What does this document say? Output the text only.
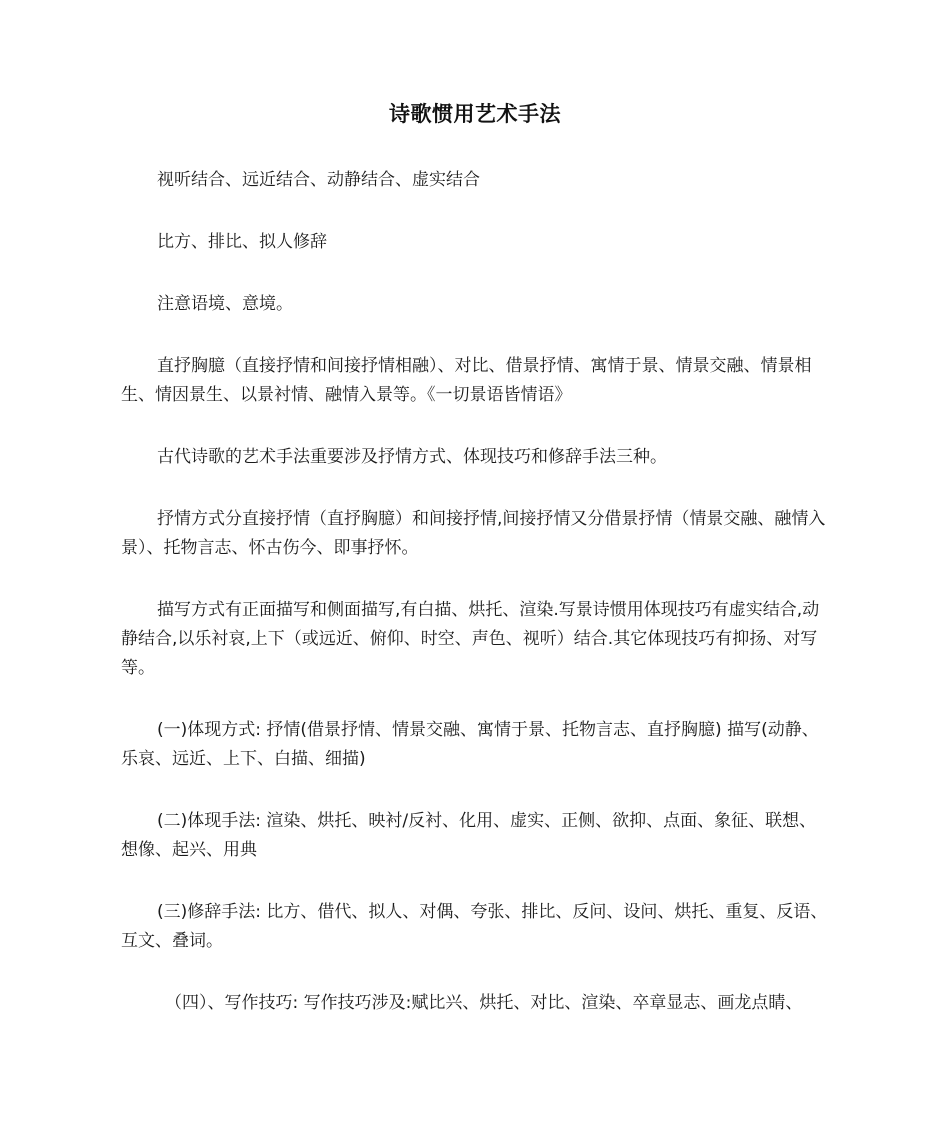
诗歌惯用艺术手法

视听结合、远近结合、动静结合、虚实结合

比方、排比、拟人修辞

注意语境、意境。

直抒胸臆（直接抒情和间接抒情相融）、对比、借景抒情、寓情于景、情景交融、情景相生、情因景生、以景衬情、融情入景等。《一切景语皆情语》

古代诗歌的艺术手法重要涉及抒情方式、体现技巧和修辞手法三种。

抒情方式分直接抒情（直抒胸臆）和间接抒情,间接抒情又分借景抒情（情景交融、融情入景）、托物言志、怀古伤今、即事抒怀。

描写方式有正面描写和侧面描写,有白描、烘托、渲染.写景诗惯用体现技巧有虚实结合,动静结合,以乐衬哀,上下（或远近、俯仰、时空、声色、视听）结合.其它体现技巧有抑扬、对写等。

(一)体现方式: 抒情(借景抒情、情景交融、寓情于景、托物言志、直抒胸臆) 描写(动静、乐哀、远近、上下、白描、细描)

(二)体现手法: 渲染、烘托、映衬/反衬、化用、虚实、正侧、欲抑、点面、象征、联想、想像、起兴、用典

(三)修辞手法: 比方、借代、拟人、对偶、夸张、排比、反问、设问、烘托、重复、反语、互文、叠词。

（四）、写作技巧: 写作技巧涉及:赋比兴、烘托、对比、渲染、卒章显志、画龙点睛、
